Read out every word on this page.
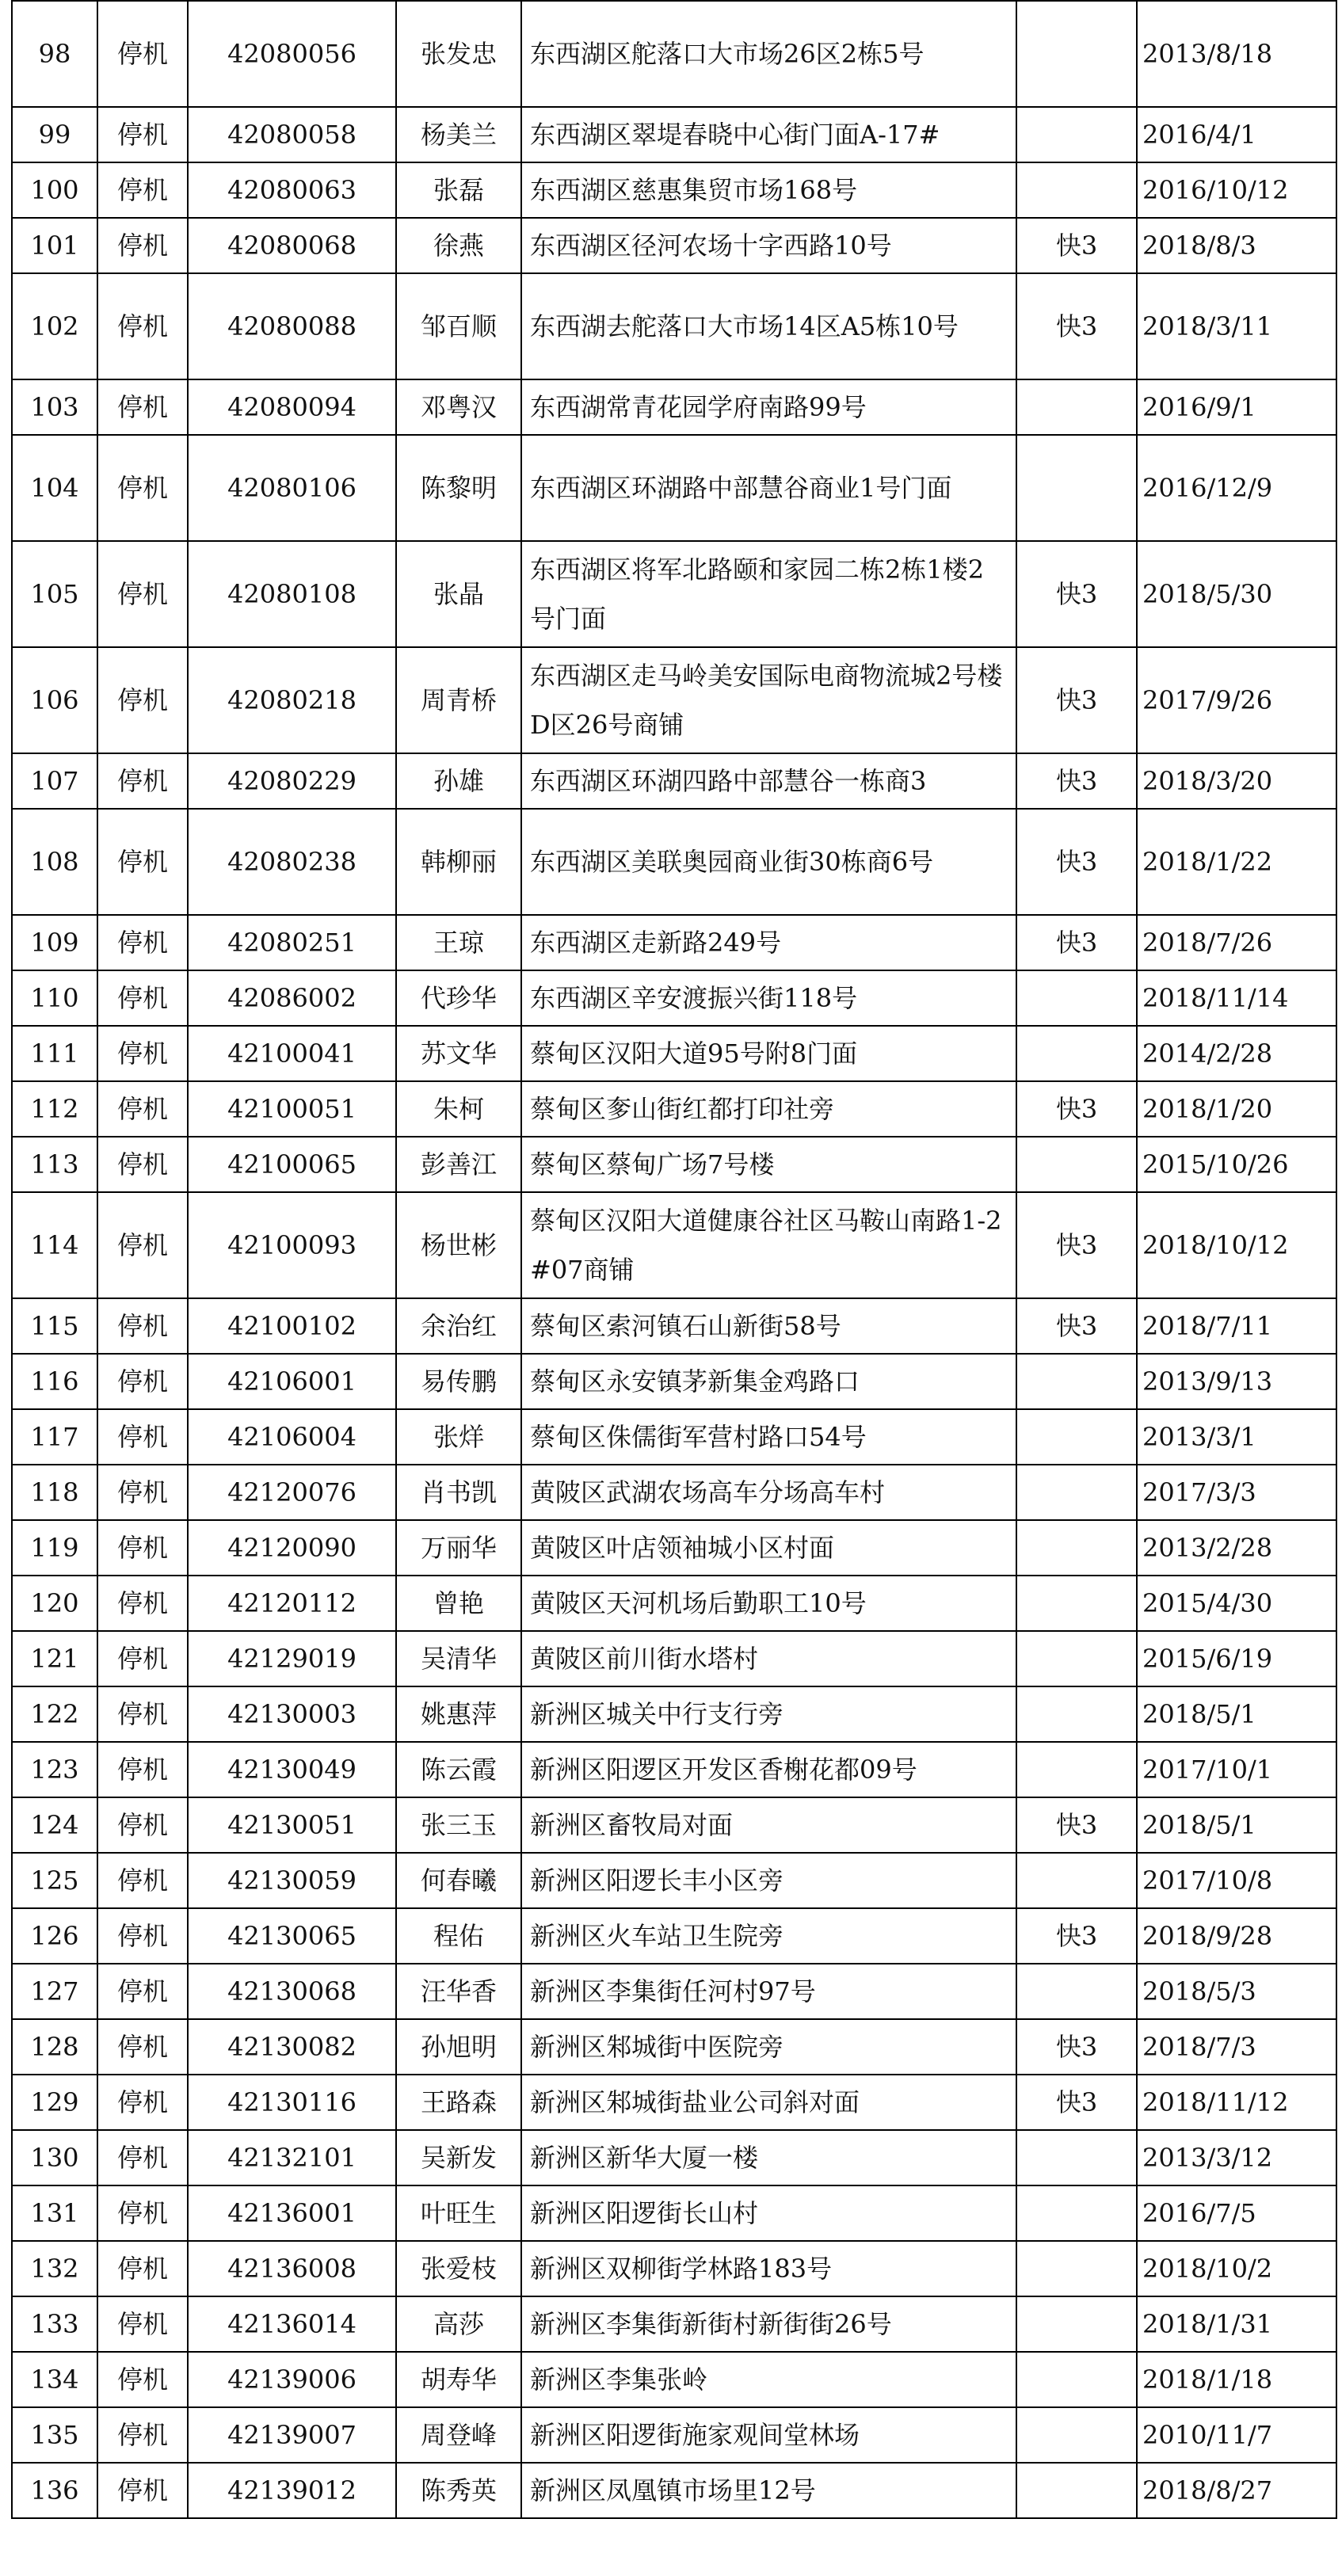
98	停机	42080056	张发忠	东西湖区舵落口大市场26区2栋5号		2013/8/18
99	停机	42080058	杨美兰	东西湖区翠堤春晓中心街门面A-17#		2016/4/1
100	停机	42080063	张磊	东西湖区慈惠集贸市场168号		2016/10/12
101	停机	42080068	徐燕	东西湖区径河农场十字西路10号	快3	2018/8/3
102	停机	42080088	邹百顺	东西湖去舵落口大市场14区A5栋10号	快3	2018/3/11
103	停机	42080094	邓粤汉	东西湖常青花园学府南路99号		2016/9/1
104	停机	42080106	陈黎明	东西湖区环湖路中部慧谷商业1号门面		2016/12/9
105	停机	42080108	张晶	东西湖区将军北路颐和家园二栋2栋1楼2号门面	快3	2018/5/30
106	停机	42080218	周青桥	东西湖区走马岭美安国际电商物流城2号楼D区26号商铺	快3	2017/9/26
107	停机	42080229	孙雄	东西湖区环湖四路中部慧谷一栋商3	快3	2018/3/20
108	停机	42080238	韩柳丽	东西湖区美联奥园商业街30栋商6号	快3	2018/1/22
109	停机	42080251	王琼	东西湖区走新路249号	快3	2018/7/26
110	停机	42086002	代珍华	东西湖区辛安渡振兴街118号		2018/11/14
111	停机	42100041	苏文华	蔡甸区汉阳大道95号附8门面		2014/2/28
112	停机	42100051	朱柯	蔡甸区奓山街红都打印社旁	快3	2018/1/20
113	停机	42100065	彭善江	蔡甸区蔡甸广场7号楼		2015/10/26
114	停机	42100093	杨世彬	蔡甸区汉阳大道健康谷社区马鞍山南路1-2#07商铺	快3	2018/10/12
115	停机	42100102	余治红	蔡甸区索河镇石山新街58号	快3	2018/7/11
116	停机	42106001	易传鹏	蔡甸区永安镇茅新集金鸡路口		2013/9/13
117	停机	42106004	张烊	蔡甸区侏儒街军营村路口54号		2013/3/1
118	停机	42120076	肖书凯	黄陂区武湖农场高车分场高车村		2017/3/3
119	停机	42120090	万丽华	黄陂区叶店领袖城小区村面		2013/2/28
120	停机	42120112	曾艳	黄陂区天河机场后勤职工10号		2015/4/30
121	停机	42129019	吴清华	黄陂区前川街水塔村		2015/6/19
122	停机	42130003	姚惠萍	新洲区城关中行支行旁		2018/5/1
123	停机	42130049	陈云霞	新洲区阳逻区开发区香榭花都09号		2017/10/1
124	停机	42130051	张三玉	新洲区畜牧局对面	快3	2018/5/1
125	停机	42130059	何春曦	新洲区阳逻长丰小区旁		2017/10/8
126	停机	42130065	程佑	新洲区火车站卫生院旁	快3	2018/9/28
127	停机	42130068	汪华香	新洲区李集街任河村97号		2018/5/3
128	停机	42130082	孙旭明	新洲区邾城街中医院旁	快3	2018/7/3
129	停机	42130116	王路森	新洲区邾城街盐业公司斜对面	快3	2018/11/12
130	停机	42132101	吴新发	新洲区新华大厦一楼		2013/3/12
131	停机	42136001	叶旺生	新洲区阳逻街长山村		2016/7/5
132	停机	42136008	张爱枝	新洲区双柳街学林路183号		2018/10/2
133	停机	42136014	高莎	新洲区李集街新街村新街街26号		2018/1/31
134	停机	42139006	胡寿华	新洲区李集张岭		2018/1/18
135	停机	42139007	周登峰	新洲区阳逻街施家观间堂林场		2010/11/7
136	停机	42139012	陈秀英	新洲区凤凰镇市场里12号		2018/8/27
